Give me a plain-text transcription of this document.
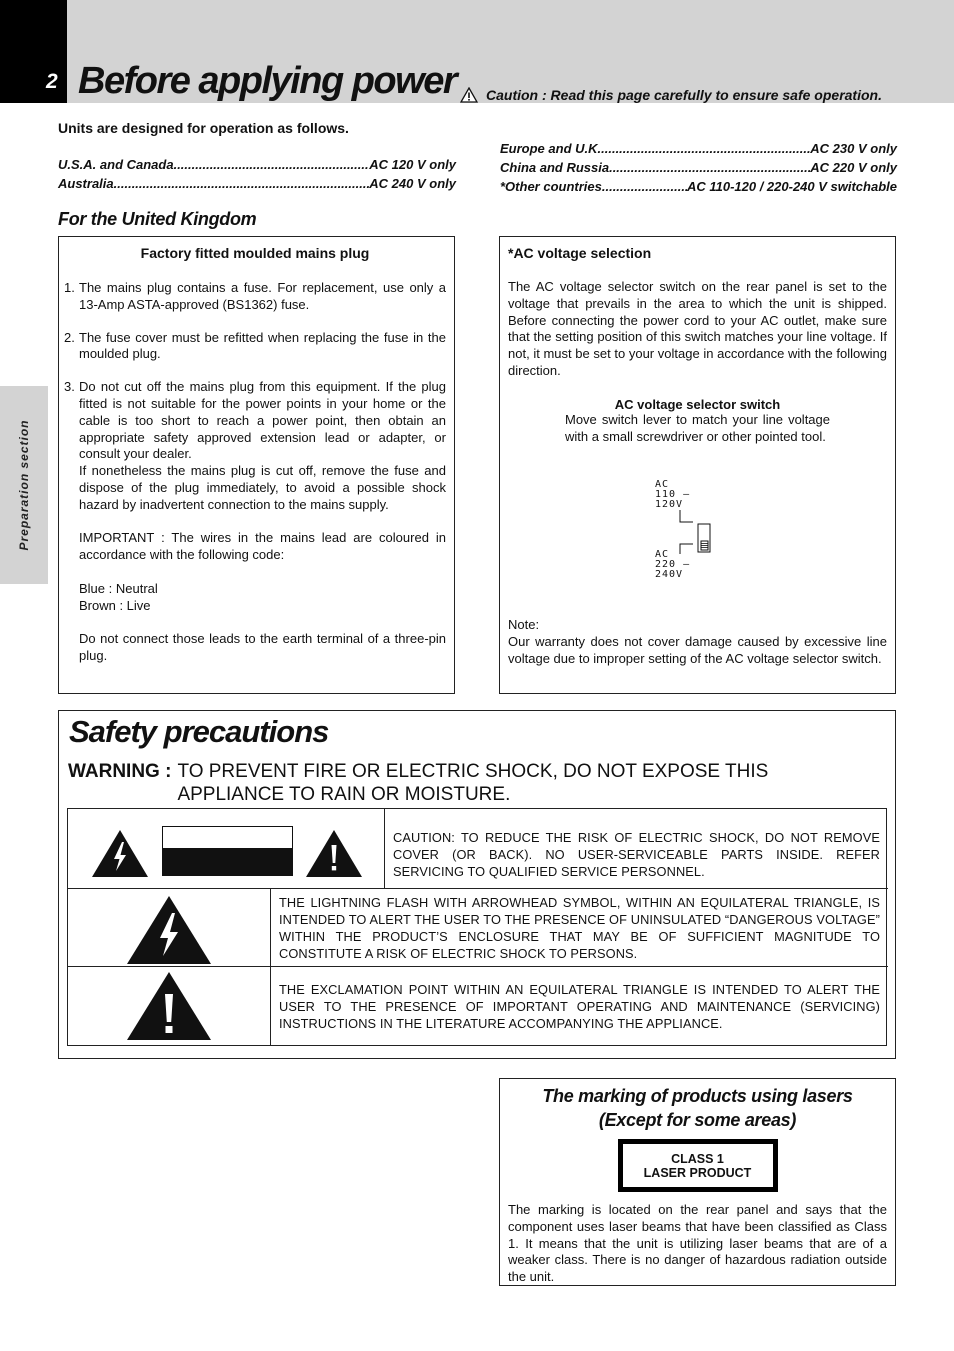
2 Before applying power Caution : Read this page carefully to ensure safe operation.
Preparation section
Units are designed for operation as follows.
U.S.A. and Canada .....	AC 120 V only
Australia .....	AC 240 V only
Europe and U.K. .....	AC 230 V only
China and Russia .....	AC 220 V only
*Other countries .....	AC 110-120 / 220-240 V switchable
For the United Kingdom
Factory fitted moulded mains plug
1. The mains plug contains a fuse. For replacement, use only a 13-Amp ASTA-approved (BS1362) fuse.

2. The fuse cover must be refitted when replacing the fuse in the moulded plug.

3. Do not cut off the mains plug from this equipment. If the plug fitted is not suitable for the power points in your home or the cable is too short to reach a power point, then obtain an appropriate safety approved extension lead or adapter, or consult your dealer.

If nonetheless the mains plug is cut off, remove the fuse and dispose of the plug immediately, to avoid a possible shock hazard by inadvertent connection to the mains supply.

IMPORTANT : The wires in the mains lead are coloured in accordance with the following code:

Blue : Neutral

Brown : Live

Do not connect those leads to the earth terminal of a three-pin plug.

*AC voltage selection

The AC voltage selector switch on the rear panel is set to the voltage that prevails in the area to which the unit is shipped. Before connecting the power cord to your AC outlet, make sure that the setting position of this switch matches your line voltage. If not, it must be set to your voltage in accordance with the following direction.

AC voltage selector switch

Move switch lever to match your line voltage with a small screwdriver or other pointed tool.

AC
110 –
120V
AC
220 –
240V

Note:

Our warranty does not cover damage caused by excessive line voltage due to improper setting of the AC voltage selector switch.

Safety precautions
WARNING : TO PREVENT FIRE OR ELECTRIC SHOCK, DO NOT EXPOSE THIS APPLIANCE TO RAIN OR MOISTURE.

CAUTION: TO REDUCE THE RISK OF ELECTRIC SHOCK, DO NOT REMOVE COVER (OR BACK). NO USER-SERVICEABLE PARTS INSIDE. REFER SERVICING TO QUALIFIED SERVICE PERSONNEL.

THE LIGHTNING FLASH WITH ARROWHEAD SYMBOL, WITHIN AN EQUILATERAL TRIANGLE, IS INTENDED TO ALERT THE USER TO THE PRESENCE OF UNINSULATED “DANGEROUS VOLTAGE” WITHIN THE PRODUCT’S ENCLOSURE THAT MAY BE OF SUFFICIENT MAGNITUDE TO CONSTITUTE A RISK OF ELECTRIC SHOCK TO PERSONS.

THE EXCLAMATION POINT WITHIN AN EQUILATERAL TRIANGLE IS INTENDED TO ALERT THE USER TO THE PRESENCE OF IMPORTANT OPERATING AND MAINTENANCE (SERVICING) INSTRUCTIONS IN THE LITERATURE ACCOMPANYING THE APPLIANCE.

The marking of products using lasers
(Except for some areas)
CLASS 1
LASER PRODUCT

The marking is located on the rear panel and says that the component uses laser beams that have been classified as Class 1. It means that the unit is utilizing laser beams that are of a weaker class. There is no danger of hazardous radiation outside the unit.
